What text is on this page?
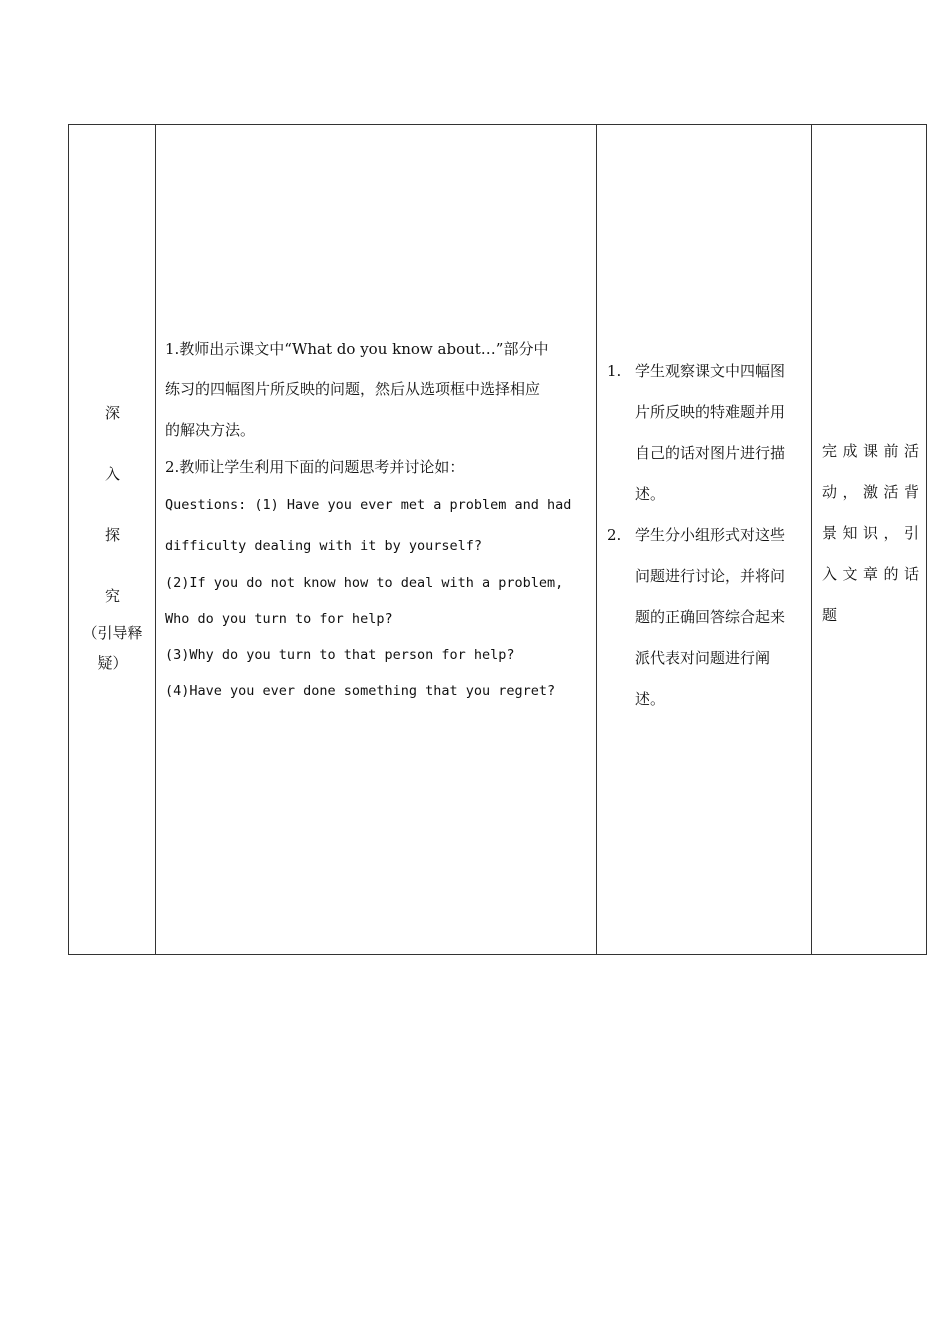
深
入
探
究
（引导释
疑）
1.教师出示课文中“What do you know about…”部分中
练习的四幅图片所反映的问题，然后从选项框中选择相应
的解决方法。
2.教师让学生利用下面的问题思考并讨论如：
Questions: (1) Have you ever met a problem and had
difficulty dealing with it by yourself?
(2)If you do not know how to deal with a problem,
Who do you turn to for help?
(3)Why do you turn to that person for help?
(4)Have you ever done something that you regret?
1. 学生观察课文中四幅图
片所反映的特难题并用
自己的话对图片进行描
述。
2. 学生分小组形式对这些
问题进行讨论，并将问
题的正确回答综合起来
派代表对问题进行阐
述。
完成课前活
动，激活背
景知识，引
入文章的话
题
